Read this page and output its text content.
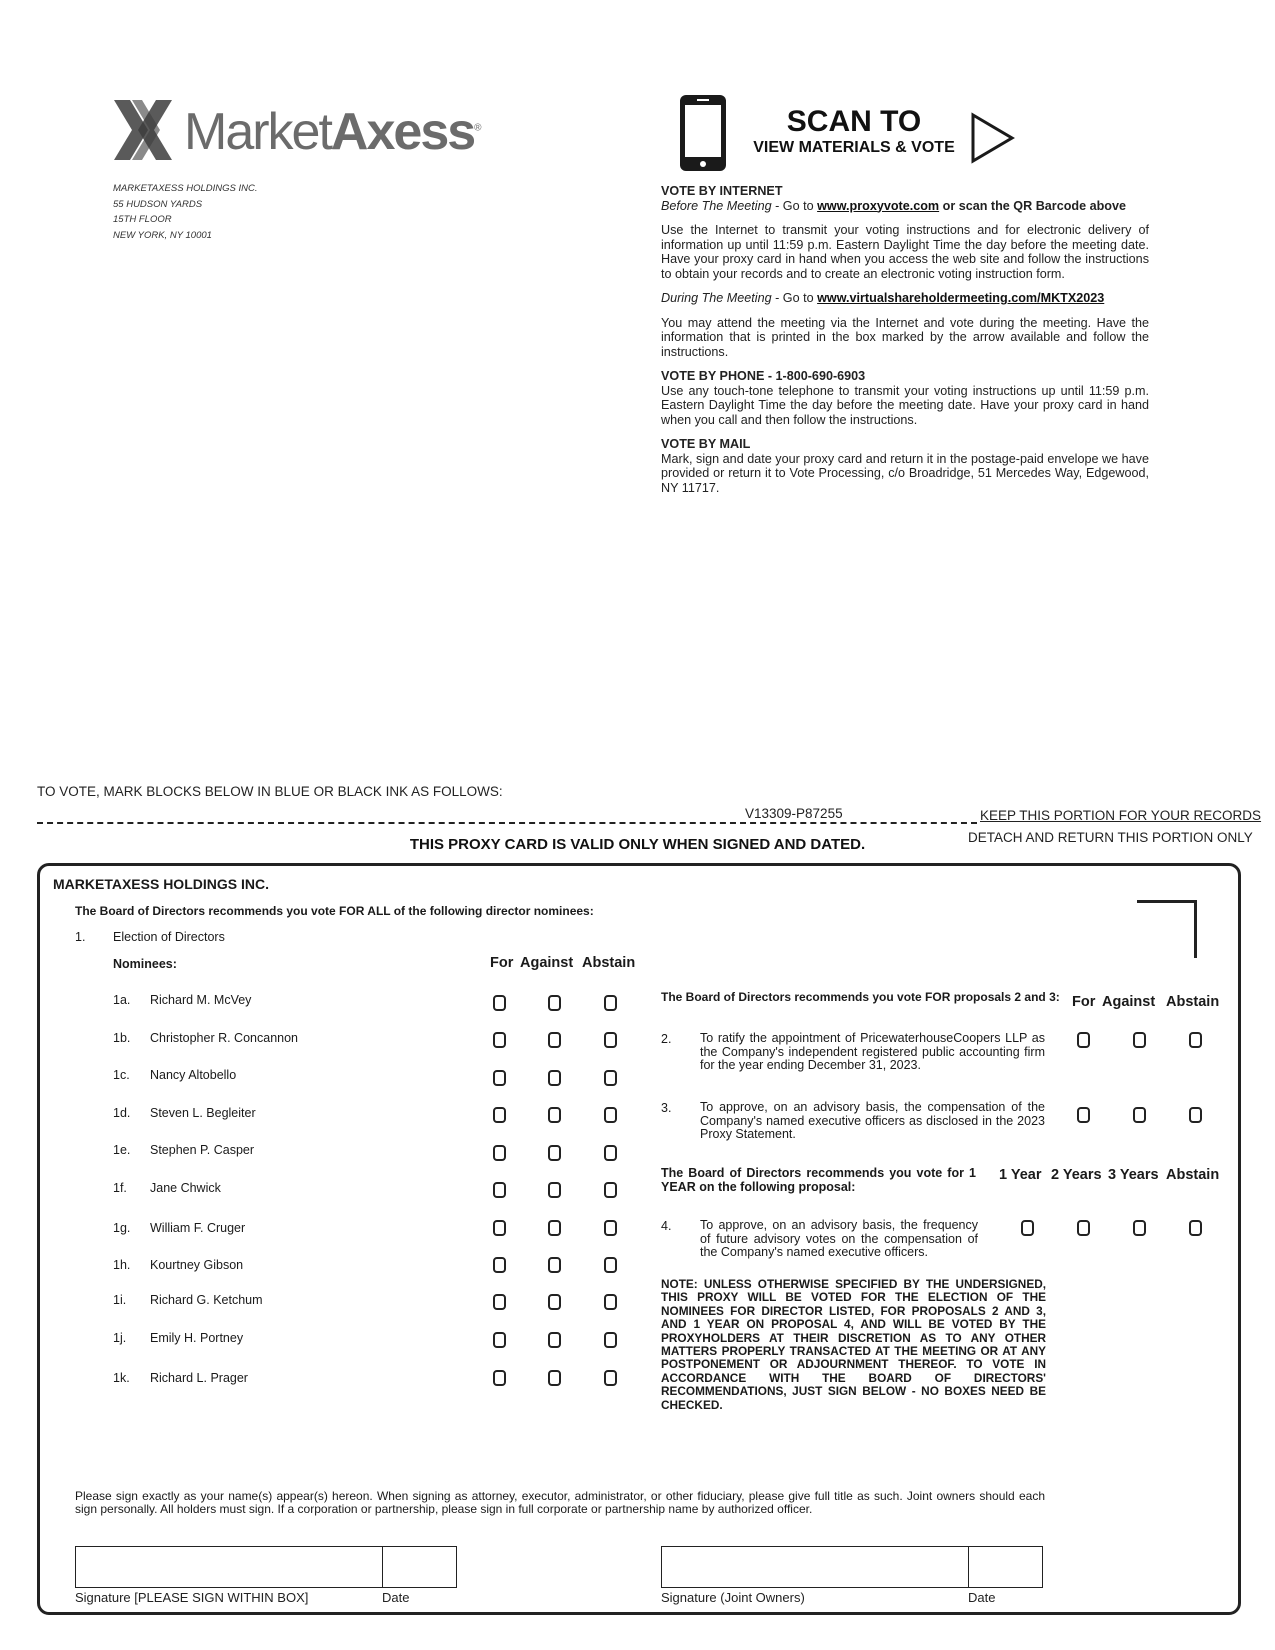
MarketAxess®
MARKETAXESS HOLDINGS INC.
55 HUDSON YARDS
15TH FLOOR
NEW YORK, NY 10001
SCAN TO
VIEW MATERIALS & VOTE
VOTE BY INTERNET

Before The Meeting - Go to www.proxyvote.com or scan the QR Barcode above

Use the Internet to transmit your voting instructions and for electronic delivery of information up until 11:59 p.m. Eastern Daylight Time the day before the meeting date. Have your proxy card in hand when you access the web site and follow the instructions to obtain your records and to create an electronic voting instruction form.

During The Meeting - Go to www.virtualshareholdermeeting.com/MKTX2023

You may attend the meeting via the Internet and vote during the meeting. Have the information that is printed in the box marked by the arrow available and follow the instructions.

VOTE BY PHONE - 1-800-690-6903

Use any touch-tone telephone to transmit your voting instructions up until 11:59 p.m. Eastern Daylight Time the day before the meeting date. Have your proxy card in hand when you call and then follow the instructions.

VOTE BY MAIL

Mark, sign and date your proxy card and return it in the postage-paid envelope we have provided or return it to Vote Processing, c/o Broadridge, 51 Mercedes Way, Edgewood, NY 11717.

TO VOTE, MARK BLOCKS BELOW IN BLUE OR BLACK INK AS FOLLOWS:
V13309-P87255	KEEP THIS PORTION FOR YOUR RECORDS
DETACH AND RETURN THIS PORTION ONLY
THIS PROXY CARD IS VALID ONLY WHEN SIGNED AND DATED.
MARKETAXESS HOLDINGS INC.
The Board of Directors recommends you vote FOR ALL of the following director nominees:
1. Election of Directors
Nominees:	For Against Abstain
1a. Richard M. McVey
1b. Christopher R. Concannon
1c. Nancy Altobello
1d. Steven L. Begleiter
1e. Stephen P. Casper
1f. Jane Chwick
1g. William F. Cruger
1h. Kourtney Gibson
1i. Richard G. Ketchum
1j. Emily H. Portney
1k. Richard L. Prager
The Board of Directors recommends you vote FOR proposals 2 and 3: For Against Abstain
2. To ratify the appointment of PricewaterhouseCoopers LLP as the Company's independent registered public accounting firm for the year ending December 31, 2023.
3. To approve, on an advisory basis, the compensation of the Company's named executive officers as disclosed in the 2023 Proxy Statement.
The Board of Directors recommends you vote for 1 YEAR on the following proposal:
1 Year 2 Years 3 Years Abstain
4. To approve, on an advisory basis, the frequency of future advisory votes on the compensation of the Company's named executive officers.
NOTE: UNLESS OTHERWISE SPECIFIED BY THE UNDERSIGNED, THIS PROXY WILL BE VOTED FOR THE ELECTION OF THE NOMINEES FOR DIRECTOR LISTED, FOR PROPOSALS 2 AND 3, AND 1 YEAR ON PROPOSAL 4, AND WILL BE VOTED BY THE PROXYHOLDERS AT THEIR DISCRETION AS TO ANY OTHER MATTERS PROPERLY TRANSACTED AT THE MEETING OR AT ANY POSTPONEMENT OR ADJOURNMENT THEREOF. TO VOTE IN ACCORDANCE WITH THE BOARD OF DIRECTORS' RECOMMENDATIONS, JUST SIGN BELOW - NO BOXES NEED BE CHECKED.
Please sign exactly as your name(s) appear(s) hereon. When signing as attorney, executor, administrator, or other fiduciary, please give full title as such. Joint owners should each sign personally. All holders must sign. If a corporation or partnership, please sign in full corporate or partnership name by authorized officer.
Signature [PLEASE SIGN WITHIN BOX]	Date	Signature (Joint Owners)	Date
